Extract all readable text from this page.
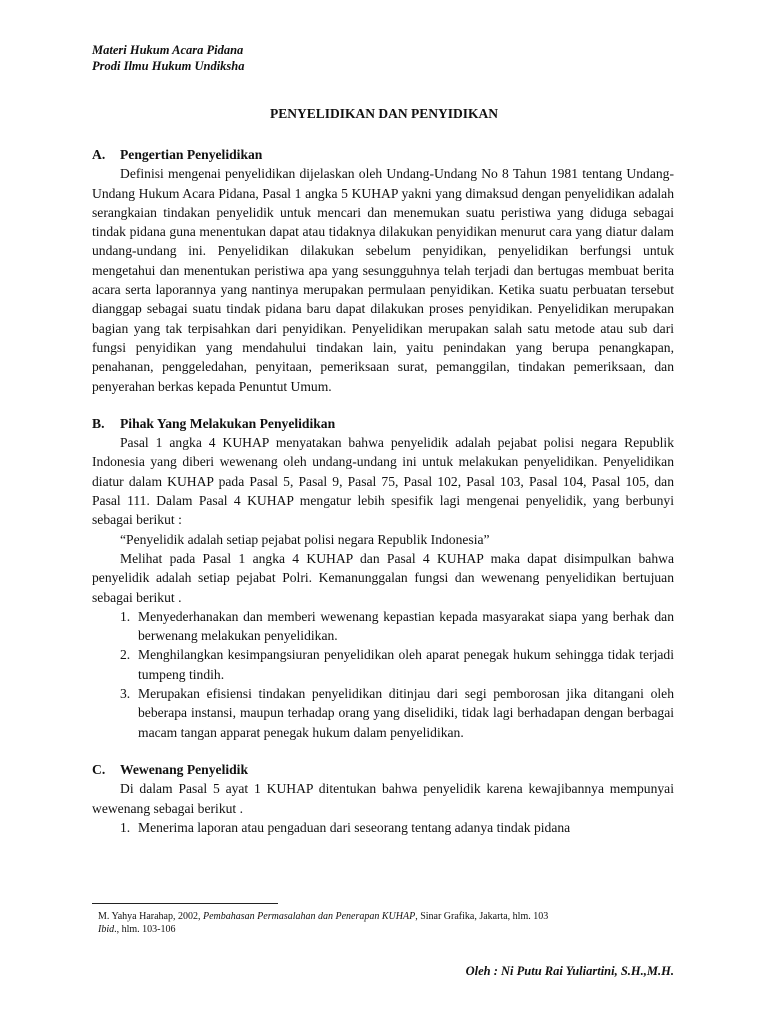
Materi Hukum Acara Pidana
Prodi Ilmu Hukum Undiksha
PENYELIDIKAN DAN PENYIDIKAN
A.	Pengertian Penyelidikan

Definisi mengenai penyelidikan dijelaskan oleh Undang-Undang No 8 Tahun 1981 tentang Undang-Undang Hukum Acara Pidana, Pasal 1 angka 5 KUHAP yakni yang dimaksud dengan penyelidikan adalah serangkaian tindakan penyelidik untuk mencari dan menemukan suatu peristiwa yang diduga sebagai tindak pidana guna menentukan dapat atau tidaknya dilakukan penyidikan menurut cara yang diatur dalam undang-undang ini. Penyelidikan dilakukan sebelum penyidikan, penyelidikan berfungsi untuk mengetahui dan menentukan peristiwa apa yang sesungguhnya telah terjadi dan bertugas membuat berita acara serta laporannya yang nantinya merupakan permulaan penyidikan. Ketika suatu perbuatan tersebut dianggap sebagai suatu tindak pidana baru dapat dilakukan proses penyidikan. Penyelidikan merupakan bagian yang tak terpisahkan dari penyidikan. Penyelidikan merupakan salah satu metode atau sub dari fungsi penyidikan yang mendahului tindakan lain, yaitu penindakan yang berupa penangkapan, penahanan, penggeledahan, penyitaan, pemeriksaan surat, pemanggilan, tindakan pemeriksaan, dan penyerahan berkas kepada Penuntut Umum.

B.	Pihak Yang Melakukan Penyelidikan

Pasal 1 angka 4 KUHAP menyatakan bahwa penyelidik adalah pejabat polisi negara Republik Indonesia yang diberi wewenang oleh undang-undang ini untuk melakukan penyelidikan. Penyelidikan diatur dalam KUHAP pada Pasal 5, Pasal 9, Pasal 75, Pasal 102, Pasal 103, Pasal 104, Pasal 105, dan Pasal 111. Dalam Pasal 4 KUHAP mengatur lebih spesifik lagi mengenai penyelidik, yang berbunyi sebagai berikut :

“Penyelidik adalah setiap pejabat polisi negara Republik Indonesia”

Melihat pada Pasal 1 angka 4 KUHAP dan Pasal 4 KUHAP maka dapat disimpulkan bahwa penyelidik adalah setiap pejabat Polri. Kemanunggalan fungsi dan wewenang penyelidikan bertujuan sebagai berikut .

1. Menyederhanakan dan memberi wewenang kepastian kepada masyarakat siapa yang berhak dan berwenang melakukan penyelidikan.
2. Menghilangkan kesimpangsiuran penyelidikan oleh aparat penegak hukum sehingga tidak terjadi tumpeng tindih.
3. Merupakan efisiensi tindakan penyelidikan ditinjau dari segi pemborosan jika ditangani oleh beberapa instansi, maupun terhadap orang yang diselidiki, tidak lagi berhadapan dengan berbagai macam tangan apparat penegak hukum dalam penyelidikan.
C.	Wewenang Penyelidik

Di dalam Pasal 5 ayat 1 KUHAP ditentukan bahwa penyelidik karena kewajibannya mempunyai wewenang sebagai berikut .

1. Menerima laporan atau pengaduan dari seseorang tentang adanya tindak pidana
M. Yahya Harahap, 2002, Pembahasan Permasalahan dan Penerapan KUHAP, Sinar Grafika, Jakarta, hlm. 103
Ibid., hlm. 103-106
Oleh : Ni Putu Rai Yuliartini, S.H.,M.H.
